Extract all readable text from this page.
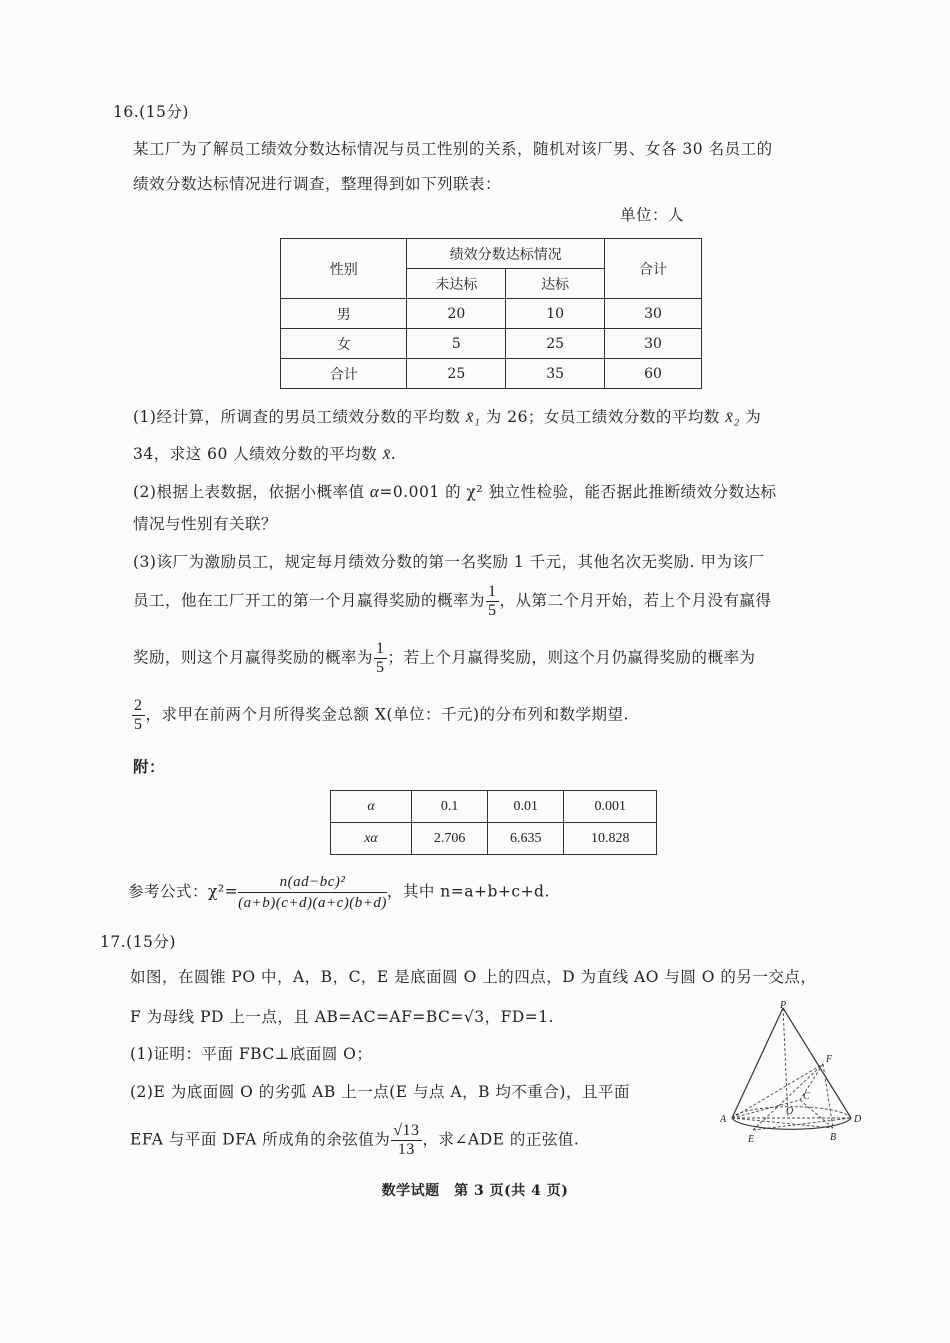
16.(15分)
某工厂为了解员工绩效分数达标情况与员工性别的关系，随机对该厂男、女各 30 名员工的
绩效分数达标情况进行调查，整理得到如下列联表：
单位：人
性别	绩效分数达标情况		合计
	未达标	达标	
男	20	10	30
女	5	25	30
合计	25	35	60
(1)经计算，所调查的男员工绩效分数的平均数 x̄₁ 为 26；女员工绩效分数的平均数 x̄₂ 为
34，求这 60 人绩效分数的平均数 x̄.
(2)根据上表数据，依据小概率值 α=0.001 的 χ² 独立性检验，能否据此推断绩效分数达标
情况与性别有关联？
(3)该厂为激励员工，规定每月绩效分数的第一名奖励 1 千元，其他名次无奖励. 甲为该厂
员工，他在工厂开工的第一个月赢得奖励的概率为 $\frac{1}{5}$ ，从第二个月开始，若上个月没有赢得
奖励，则这个月赢得奖励的概率为 $\frac{1}{5}$ ；若上个月赢得奖励，则这个月仍赢得奖励的概率为
$\frac{2}{5}$ ，求甲在前两个月所得奖金总额 X(单位：千元)的分布列和数学期望.
附：
α	0.1	0.01	0.001
xα	2.706	6.635	10.828
参考公式：$\chi^2= \frac{\text{n(ad−bc)²}}{(a+b)(c+d)(a+c)(b+d)}$ ，其中 n=a+b+c+d.
17.(15分)
如图，在圆锥 PO 中，A，B，C，E 是底面圆 O 上的四点，D 为直线 AO 与圆 O 的另一交点，
F 为母线 PD 上一点，且 AB=AC=AF=BC=√3，FD=1.
(1)证明：平面 FBC⊥底面圆 O；
(2)E 为底面圆 O 的劣弧 AB 上一点(E 与点 A，B 均不重合)，且平面
EFA 与平面 DFA 所成角的余弦值为 $\frac{√13}{13}$ ，求∠ADE 的正弦值.
P
F
C
O
A	D
E	B
数学试题　第 3 页(共 4 页)
